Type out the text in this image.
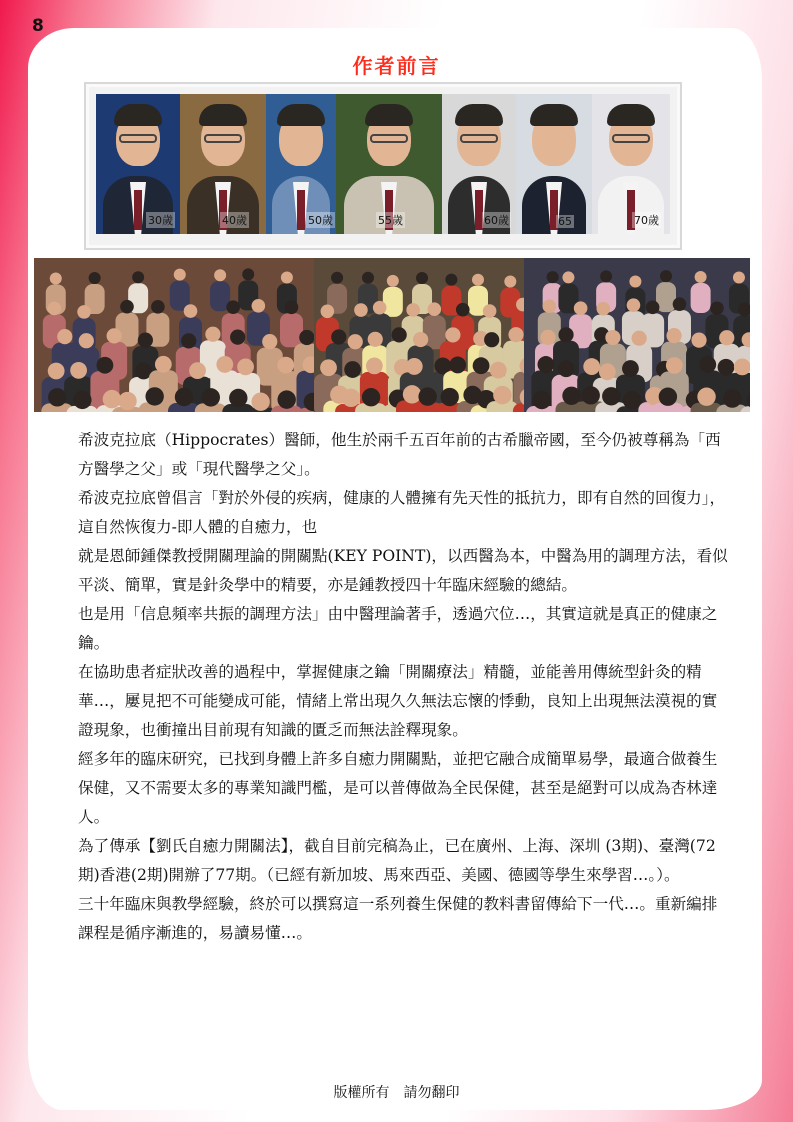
8
作者前言
30歲	40歲	50歲	55歲	60歲	65	70歲

希波克拉底（Hippocrates）醫師，他生於兩千五百年前的古希臘帝國，至今仍被尊稱為「西方醫學之父」或「現代醫學之父」。

希波克拉底曾倡言「對於外侵的疾病，健康的人體擁有先天性的抵抗力，即有自然的回復力」，這自然恢復力-即人體的自癒力，也

就是恩師鍾傑教授開關理論的開關點(KEY POINT)，以西醫為本，中醫為用的調理方法，看似平淡、簡單，實是針灸學中的精要，亦是鍾教授四十年臨床經驗的總結。

也是用「信息頻率共振的調理方法」由中醫理論著手，透過穴位…，其實這就是真正的健康之鑰。

在協助患者症狀改善的過程中，掌握健康之鑰「開關療法」精髓，並能善用傳統型針灸的精華…，屢見把不可能變成可能，情緒上常出現久久無法忘懷的悸動，良知上出現無法漠視的實證現象，也衝撞出目前現有知識的匱乏而無法詮釋現象。

經多年的臨床研究，已找到身體上許多自癒力開關點，並把它融合成簡單易學，最適合做養生保健，又不需要太多的專業知識門檻，是可以普傳做為全民保健，甚至是絕對可以成為杏林達人。

為了傳承【劉氏自癒力開關法】，截自目前完稿為止，已在廣州、上海、深圳 (3期)、臺灣(72期)香港(2期)開辦了77期。（已經有新加坡、馬來西亞、美國、德國等學生來學習…。）。

三十年臨床與教學經驗，終於可以撰寫這一系列養生保健的教料書留傳給下一代…。重新編排課程是循序漸進的，易讀易懂…。

版權所有　請勿翻印
